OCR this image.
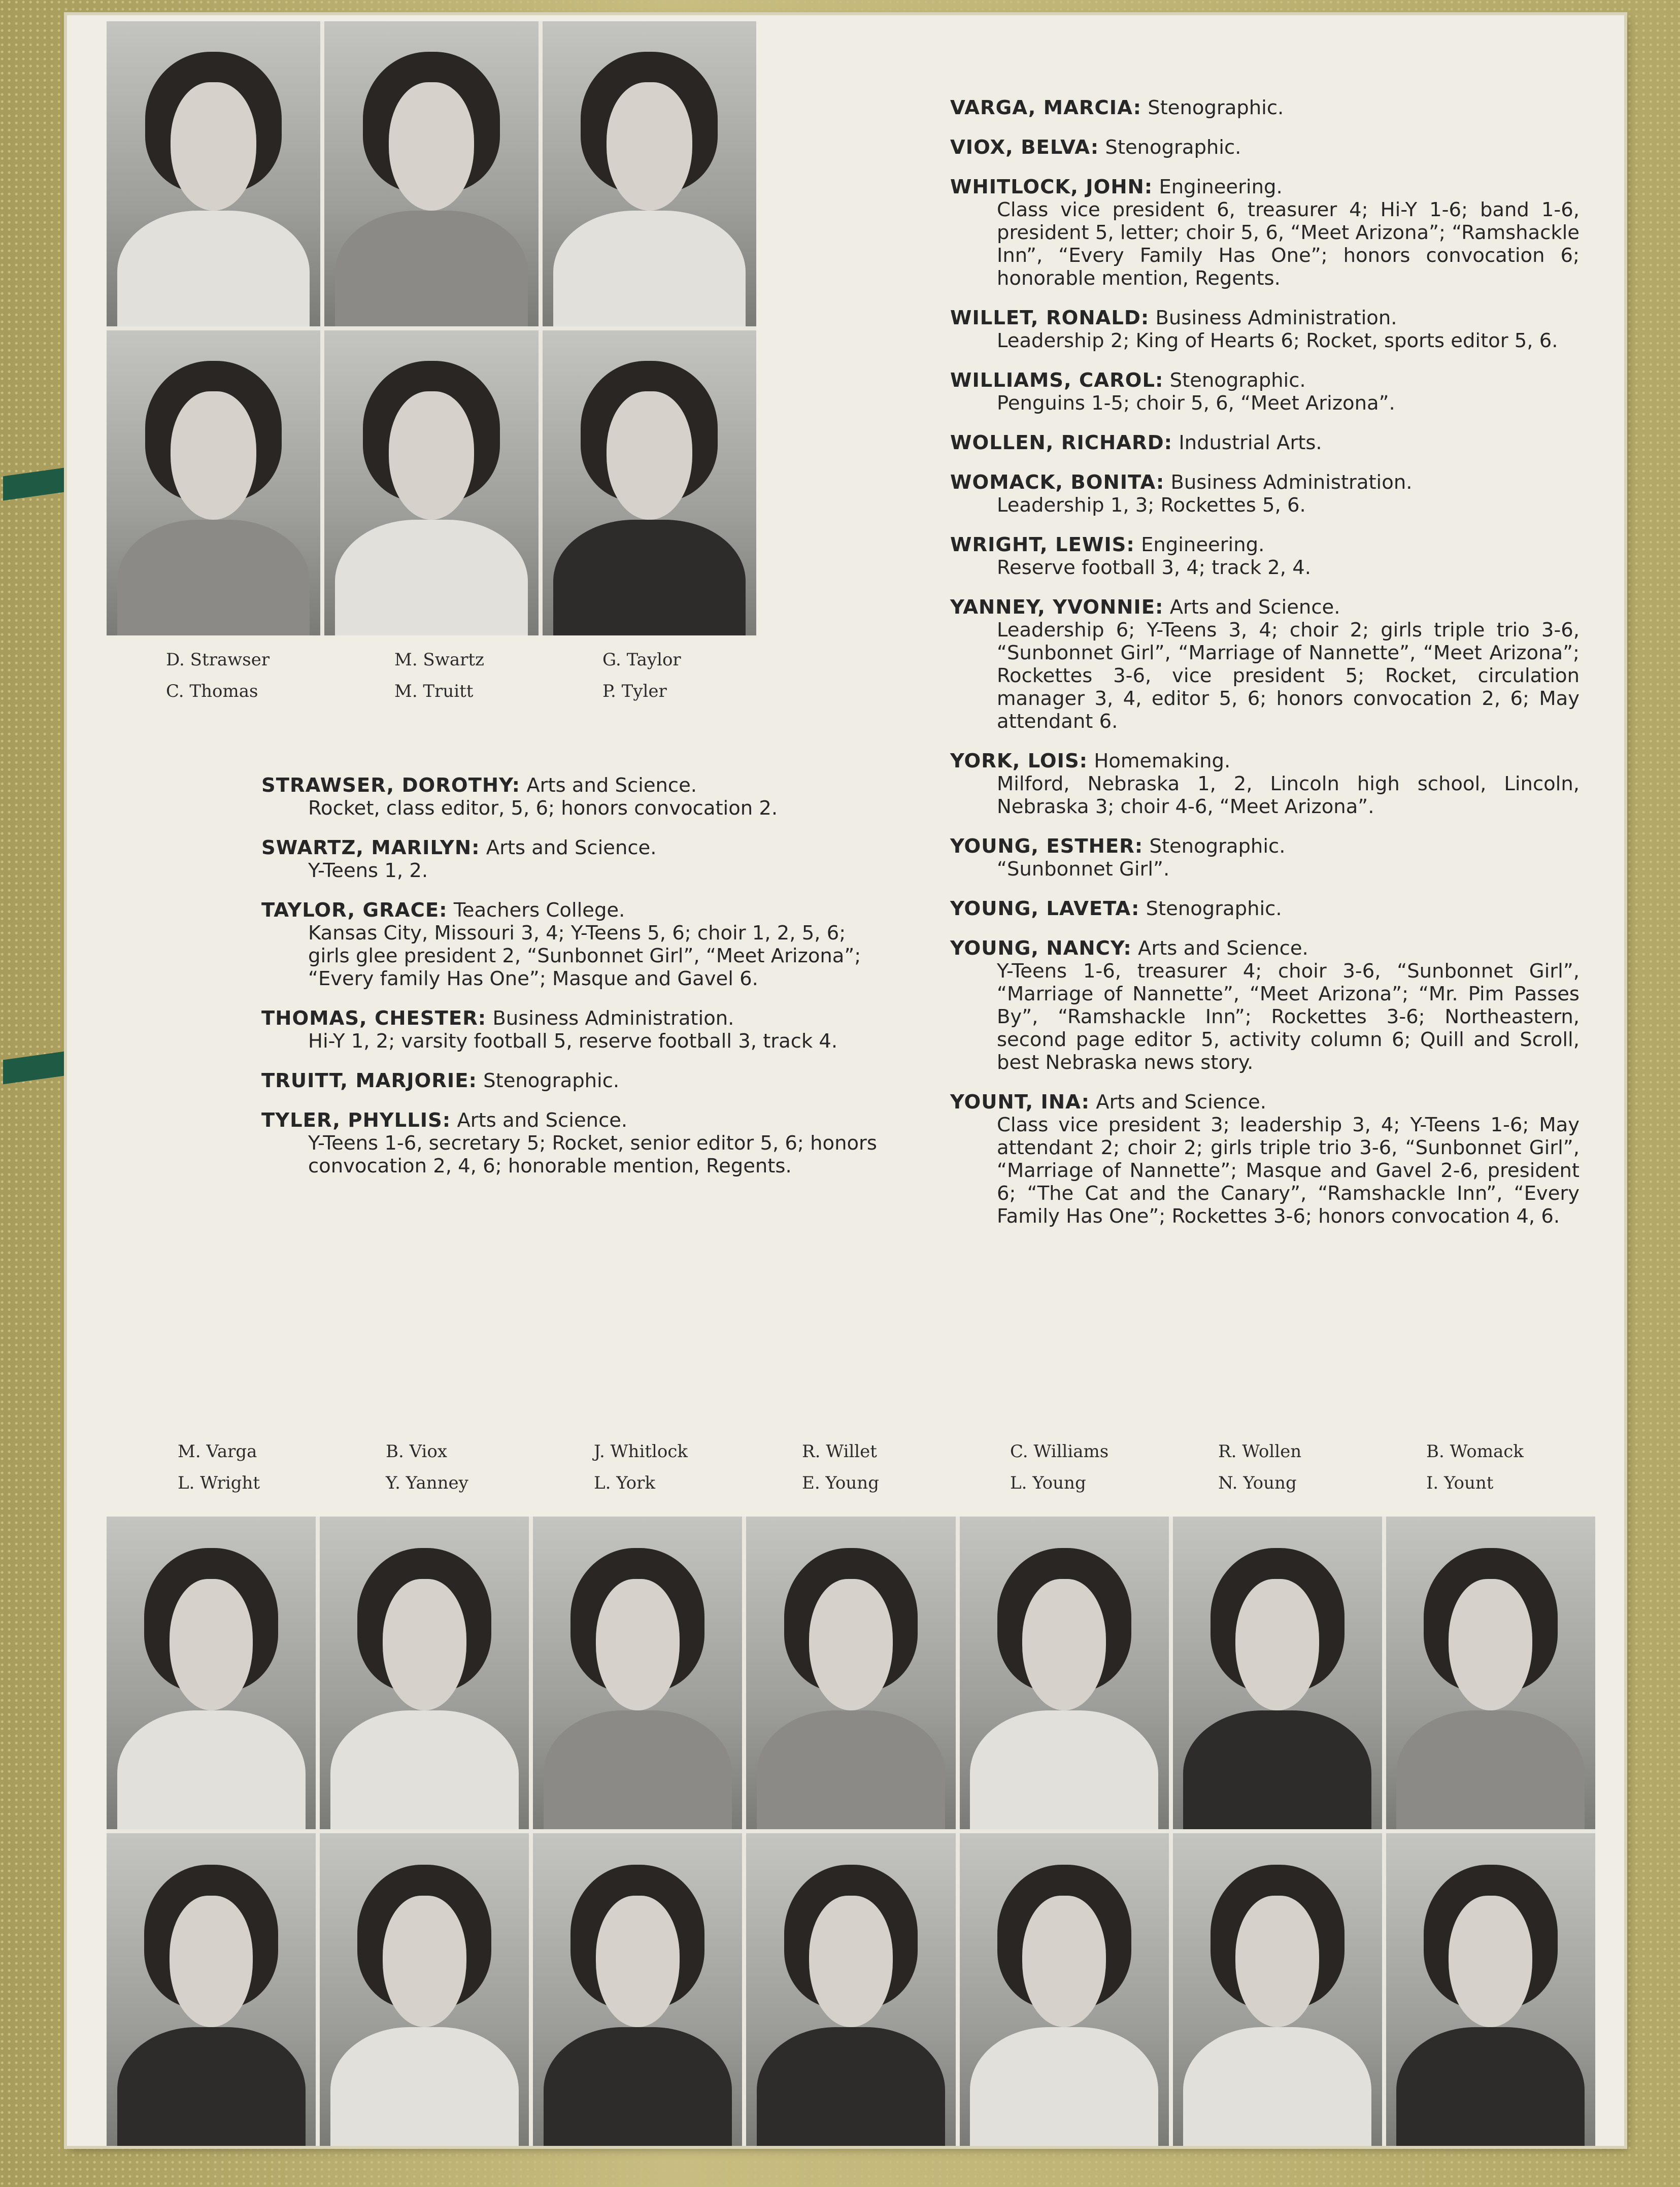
D. Strawser	M. Swartz	G. Taylor
C. Thomas	M. Truitt	P. Tyler
STRAWSER, DOROTHY: Arts and Science.
Rocket, class editor, 5, 6; honors convocation 2.
SWARTZ, MARILYN: Arts and Science.
Y-Teens 1, 2.
TAYLOR, GRACE: Teachers College.
Kansas City, Missouri 3, 4; Y-Teens 5, 6; choir 1, 2, 5, 6; girls glee president 2, “Sunbonnet Girl”, “Meet Arizona”; “Every family Has One”; Masque and Gavel 6.
THOMAS, CHESTER: Business Administration.
Hi-Y 1, 2; varsity football 5, reserve football 3, track 4.
TRUITT, MARJORIE: Stenographic.
TYLER, PHYLLIS: Arts and Science.
Y-Teens 1-6, secretary 5; Rocket, senior editor 5, 6; honors convocation 2, 4, 6; honorable mention, Regents.
VARGA, MARCIA: Stenographic.
VIOX, BELVA: Stenographic.
WHITLOCK, JOHN: Engineering.
Class vice president 6, treasurer 4; Hi-Y 1-6; band 1-6, president 5, letter; choir 5, 6, “Meet Arizona”; “Ramshackle Inn”, “Every Family Has One”; honors convocation 6; honorable mention, Regents.
WILLET, RONALD: Business Administration.
Leadership 2; King of Hearts 6; Rocket, sports editor 5, 6.
WILLIAMS, CAROL: Stenographic.
Penguins 1-5; choir 5, 6, “Meet Arizona”.
WOLLEN, RICHARD: Industrial Arts.
WOMACK, BONITA: Business Administration.
Leadership 1, 3; Rockettes 5, 6.
WRIGHT, LEWIS: Engineering.
Reserve football 3, 4; track 2, 4.
YANNEY, YVONNIE: Arts and Science.
Leadership 6; Y-Teens 3, 4; choir 2; girls triple trio 3-6, “Sunbonnet Girl”, “Marriage of Nannette”, “Meet Arizona”; Rockettes 3-6, vice president 5; Rocket, circulation manager 3, 4, editor 5, 6; honors convocation 2, 6; May attendant 6.
YORK, LOIS: Homemaking.
Milford, Nebraska 1, 2, Lincoln high school, Lincoln, Nebraska 3; choir 4-6, “Meet Arizona”.
YOUNG, ESTHER: Stenographic.
“Sunbonnet Girl”.
YOUNG, LAVETA: Stenographic.
YOUNG, NANCY: Arts and Science.
Y-Teens 1-6, treasurer 4; choir 3-6, “Sunbonnet Girl”, “Marriage of Nannette”, “Meet Arizona”; “Mr. Pim Passes By”, “Ramshackle Inn”; Rockettes 3-6; Northeastern, second page editor 5, activity column 6; Quill and Scroll, best Nebraska news story.
YOUNT, INA: Arts and Science.
Class vice president 3; leadership 3, 4; Y-Teens 1-6; May attendant 2; choir 2; girls triple trio 3-6, “Sunbonnet Girl”, “Marriage of Nannette”; Masque and Gavel 2-6, president 6; “The Cat and the Canary”, “Ramshackle Inn”, “Every Family Has One”; Rockettes 3-6; honors convocation 4, 6.
M. Varga	B. Viox	J. Whitlock	R. Willet	C. Williams	R. Wollen	B. Womack
L. Wright	Y. Yanney	L. York	E. Young	L. Young	N. Young	I. Yount
